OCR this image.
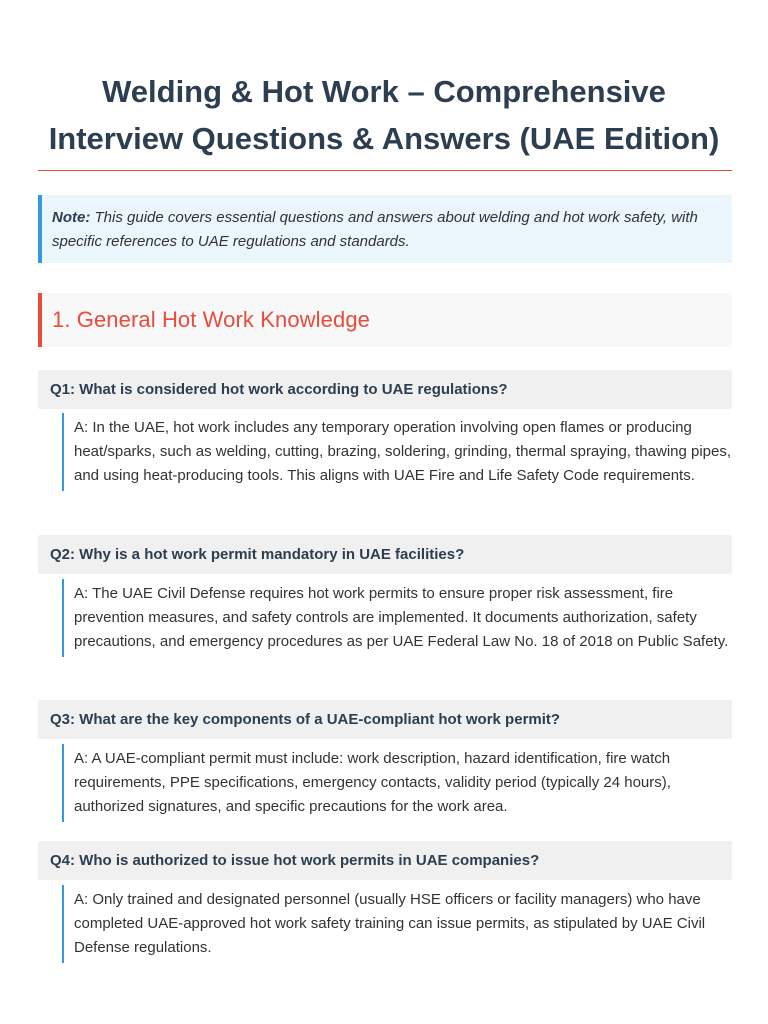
Welding & Hot Work – Comprehensive
Interview Questions & Answers (UAE Edition)
Note: This guide covers essential questions and answers about welding and hot work safety, with specific references to UAE regulations and standards.
1. General Hot Work Knowledge
Q1: What is considered hot work according to UAE regulations?
A: In the UAE, hot work includes any temporary operation involving open flames or producing heat/sparks, such as welding, cutting, brazing, soldering, grinding, thermal spraying, thawing pipes, and using heat-producing tools. This aligns with UAE Fire and Life Safety Code requirements.
Q2: Why is a hot work permit mandatory in UAE facilities?
A: The UAE Civil Defense requires hot work permits to ensure proper risk assessment, fire prevention measures, and safety controls are implemented. It documents authorization, safety precautions, and emergency procedures as per UAE Federal Law No. 18 of 2018 on Public Safety.
Q3: What are the key components of a UAE-compliant hot work permit?
A: A UAE-compliant permit must include: work description, hazard identification, fire watch requirements, PPE specifications, emergency contacts, validity period (typically 24 hours), authorized signatures, and specific precautions for the work area.
Q4: Who is authorized to issue hot work permits in UAE companies?
A: Only trained and designated personnel (usually HSE officers or facility managers) who have completed UAE-approved hot work safety training can issue permits, as stipulated by UAE Civil Defense regulations.
